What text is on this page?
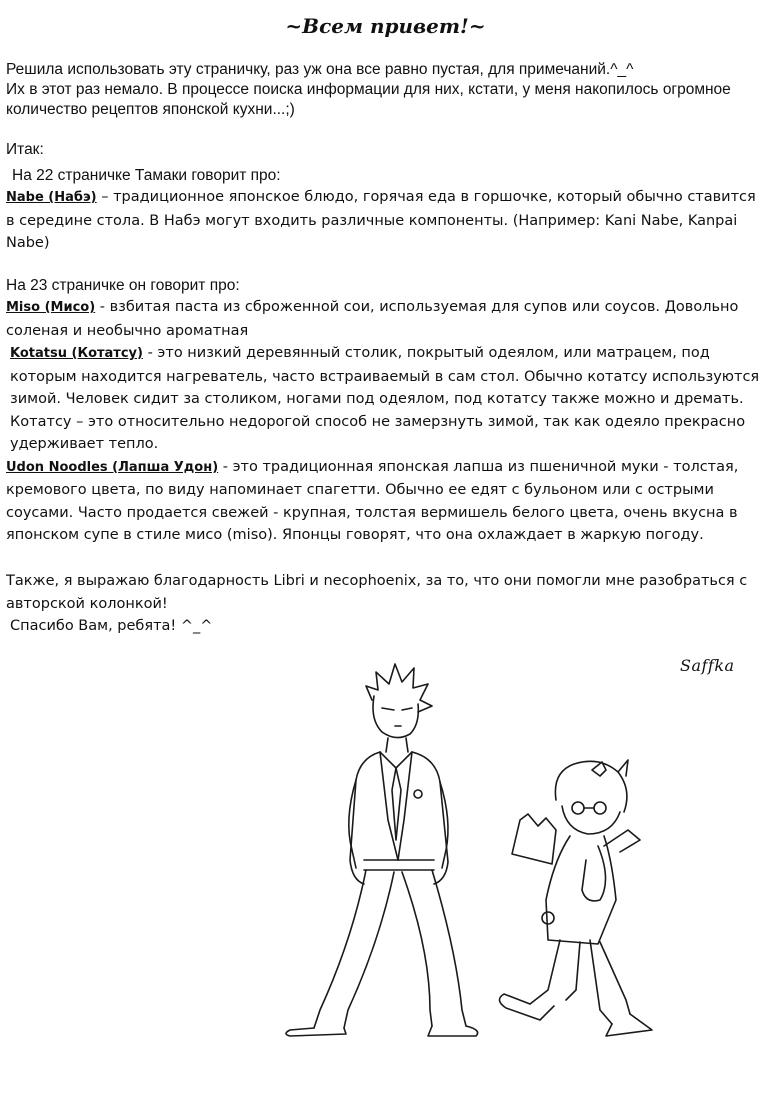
~Всем привет!~

Решила использовать эту страничку, раз уж она все равно пустая, для примечаний.^_^

Их в этот раз немало. В процессе поиска информации для них, кстати, у меня накопилось огромное

количество рецептов японской кухни...;)

Итак:

На 22 страничке Тамаки говорит про:
Nabe (Набэ) – традиционное японское блюдо, горячая еда в горшочке, который обычно ставится в середине стола. В Набэ могут входить различные компоненты. (Например: Kani Nabe, Kanpai Nabe)
На 23 страничке он говорит про:

Miso (Мисо) - взбитая паста из сброженной сои, используемая для супов или соусов. Довольно соленая и необычно ароматная

Kotatsu (Котатсу) - это низкий деревянный столик, покрытый одеялом, или матрацем, под которым находится нагреватель, часто встраиваемый в сам стол. Обычно котатсу используются зимой. Человек сидит за столиком, ногами под одеялом, под котатсу также можно и дремать. Котатсу – это относительно недорогой способ не замерзнуть зимой, так как одеяло прекрасно удерживает тепло.

Udon Noodles (Лапша Удон) - это традиционная японская лапша из пшеничной муки - толстая, кремового цвета, по виду напоминает спагетти. Обычно ее едят с бульоном или с острыми соусами. Часто продается свежей - крупная, толстая вермишель белого цвета, очень вкусна в японском супе в стиле мисо (miso). Японцы говорят, что она охлаждает в жаркую погоду.

Также, я выражаю благодарность Libri и necophoenix, за то, что они помогли мне разобраться с авторской колонкой!

Спасибо Вам, ребята! ^_^

Saffka
